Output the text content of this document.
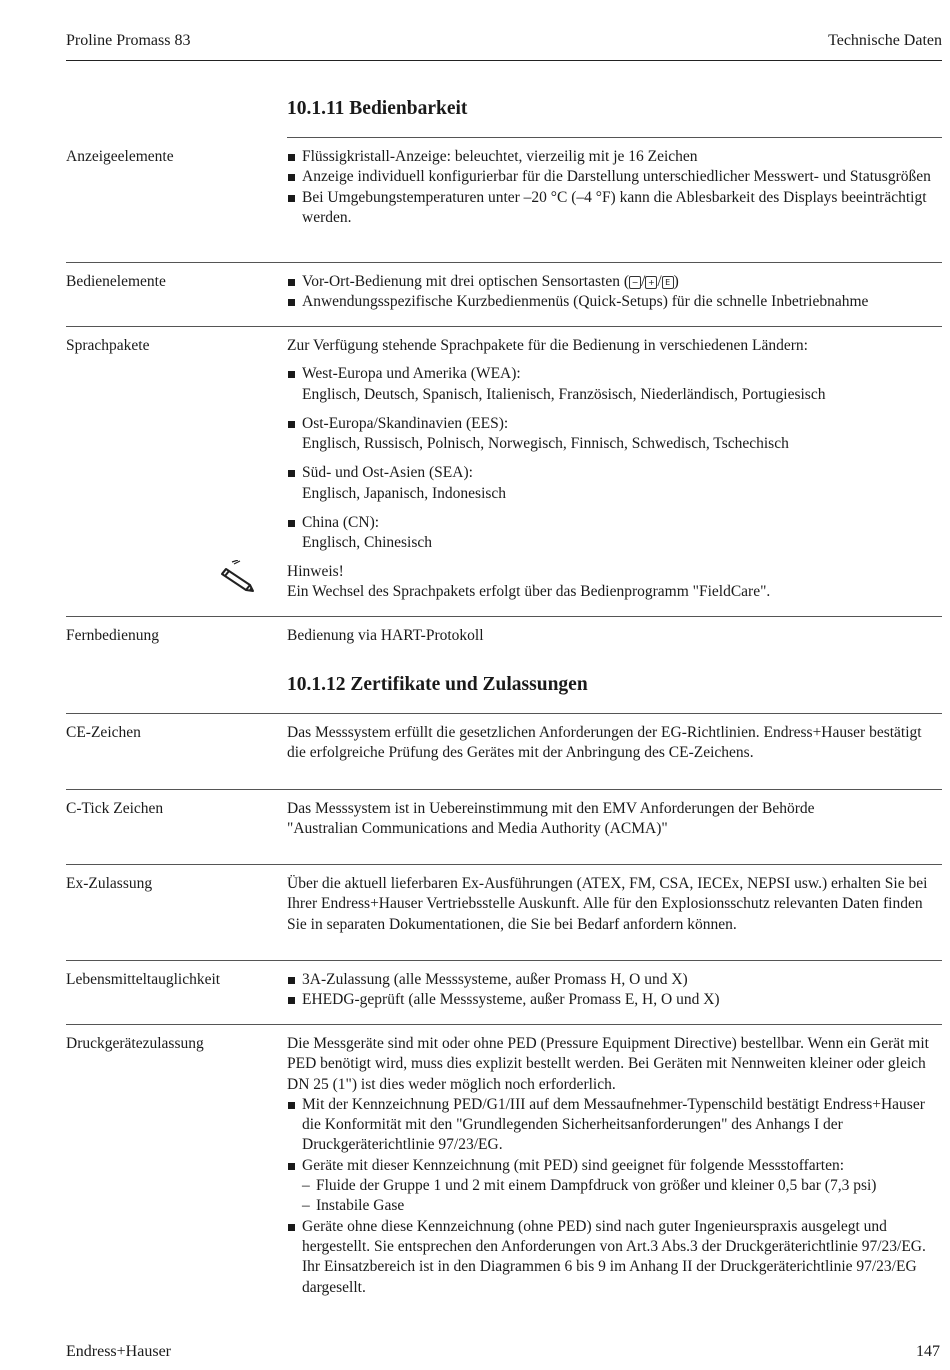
Proline Promass 83	Technische Daten
10.1.11 Bedienbarkeit
Anzeigeelemente	Flüssigkristall-Anzeige: beleuchtet, vierzeilig mit je 16 Zeichen
Anzeige individuell konfigurierbar für die Darstellung unterschiedlicher Messwert- und Statusgrößen
Bei Umgebungstemperaturen unter –20 °C (–4 °F) kann die Ablesbarkeit des Displays beeinträchtigt werden.
Bedienelemente	Vor-Ort-Bedienung mit drei optischen Sensortasten ( − / + / E )
Anwendungsspezifische Kurzbedienmenüs (Quick-Setups) für die schnelle Inbetriebnahme
Sprachpakete	Zur Verfügung stehende Sprachpakete für die Bedienung in verschiedenen Ländern:

West-Europa und Amerika (WEA):
Englisch, Deutsch, Spanisch, Italienisch, Französisch, Niederländisch, Portugiesisch
Ost-Europa/Skandinavien (EES):
Englisch, Russisch, Polnisch, Norwegisch, Finnisch, Schwedisch, Tschechisch
Süd- und Ost-Asien (SEA):
Englisch, Japanisch, Indonesisch
China (CN):
Englisch, Chinesisch

Hinweis!

Ein Wechsel des Sprachpakets erfolgt über das Bedienprogramm "FieldCare".

Fernbedienung	Bedienung via HART-Protokoll
10.1.12 Zertifikate und Zulassungen
CE-Zeichen	Das Messsystem erfüllt die gesetzlichen Anforderungen der EG-Richtlinien. Endress+Hauser bestätigt die erfolgreiche Prüfung des Gerätes mit der Anbringung des CE-Zeichens.
C-Tick Zeichen	Das Messsystem ist in Uebereinstimmung mit den EMV Anforderungen der Behörde

"Australian Communications and Media Authority (ACMA)"

Ex-Zulassung	Über die aktuell lieferbaren Ex-Ausführungen (ATEX, FM, CSA, IECEx, NEPSI usw.) erhalten Sie bei Ihrer Endress+Hauser Vertriebsstelle Auskunft. Alle für den Explosionsschutz relevanten Daten finden Sie in separaten Dokumentationen, die Sie bei Bedarf anfordern können.
Lebensmitteltauglichkeit	3A-Zulassung (alle Messsysteme, außer Promass H, O und X)
EHEDG-geprüft (alle Messsysteme, außer Promass E, H, O und X)
Druckgerätezulassung	Die Messgeräte sind mit oder ohne PED (Pressure Equipment Directive) bestellbar. Wenn ein Gerät mit PED benötigt wird, muss dies explizit bestellt werden. Bei Geräten mit Nennweiten kleiner oder gleich DN 25 (1") ist dies weder möglich noch erforderlich.

Mit der Kennzeichnung PED/G1/III auf dem Messaufnehmer-Typenschild bestätigt Endress+Hauser die Konformität mit den "Grundlegenden Sicherheitsanforderungen" des Anhangs I der Druckgeräterichtlinie 97/23/EG.
Geräte mit dieser Kennzeichnung (mit PED) sind geeignet für folgende Messstoffarten:
– Fluide der Gruppe 1 und 2 mit einem Dampfdruck von größer und kleiner 0,5 bar (7,3 psi)
– Instabile Gase
Geräte ohne diese Kennzeichnung (ohne PED) sind nach guter Ingenieurspraxis ausgelegt und hergestellt. Sie entsprechen den Anforderungen von Art.3 Abs.3 der Druckgeräterichtlinie 97/23/EG. Ihr Einsatzbereich ist in den Diagrammen 6 bis 9 im Anhang II der Druckgeräterichtlinie 97/23/EG dargesellt.
Endress+Hauser	147
